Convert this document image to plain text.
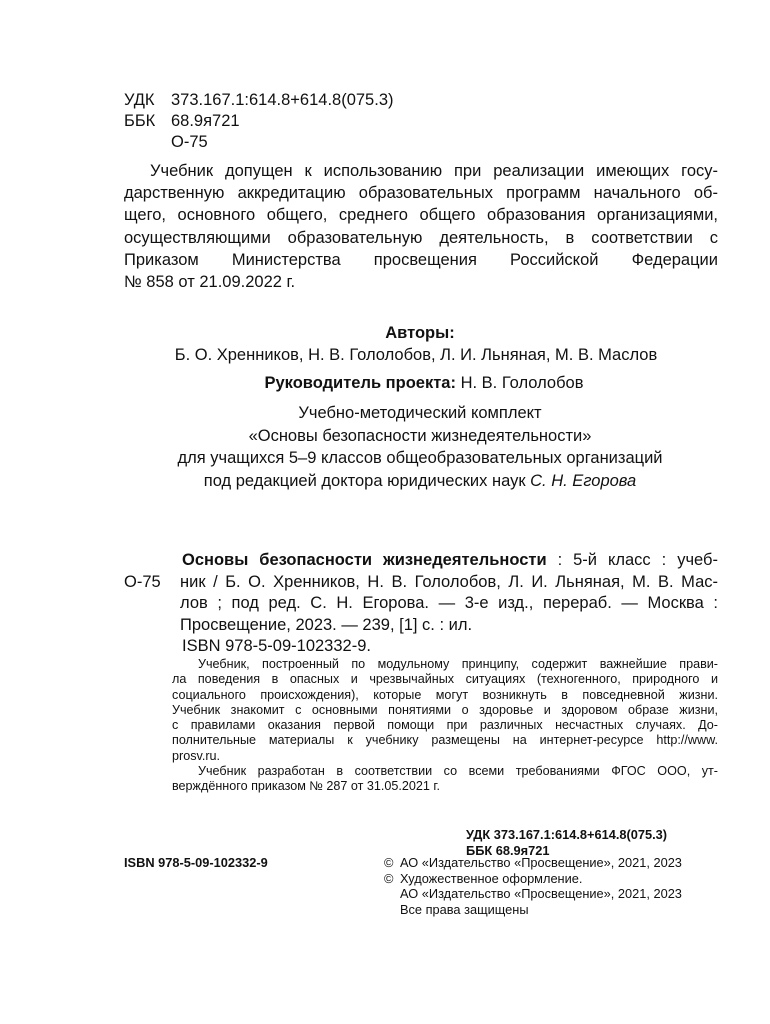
УДК 373.167.1:614.8+614.8(075.3)
ББК 68.9я721
О-75
Учебник допущен к использованию при реализации имеющих госу-
дарственную аккредитацию образовательных программ начального об-
щего, основного общего, среднего общего образования организациями,
осуществляющими образовательную деятельность, в соответствии с
Приказом Министерства просвещения Российской Федерации
№ 858 от 21.09.2022 г.
Авторы:
Б. О. Хренников, Н. В. Гололобов, Л. И. Льняная, М. В. Маслов
Руководитель проекта: Н. В. Гололобов
Учебно-методический комплект
«Основы безопасности жизнедеятельности»
для учащихся 5–9 классов общеобразовательных организаций
под редакцией доктора юридических наук С. Н. Егорова
О-75
Основы безопасности жизнедеятельности : 5-й класс : учеб-
ник / Б. О. Хренников, Н. В. Гололобов, Л. И. Льняная, М. В. Мас-
лов ; под ред. С. Н. Егорова. — 3-е изд., перераб. — Москва :
Просвещение, 2023. — 239, [1] с. : ил.
ISBN 978-5-09-102332-9.
Учебник, построенный по модульному принципу, содержит важнейшие прави-
ла поведения в опасных и чрезвычайных ситуациях (техногенного, природного и
социального происхождения), которые могут возникнуть в повседневной жизни.
Учебник знакомит с основными понятиями о здоровье и здоровом образе жизни,
с правилами оказания первой помощи при различных несчастных случаях. До-
полнительные материалы к учебнику размещены на интернет-ресурсе http://www.
prosv.ru.
Учебник разработан в соответствии со всеми требованиями ФГОС ООО, ут-
верждённого приказом № 287 от 31.05.2021 г.
УДК 373.167.1:614.8+614.8(075.3)
ББК 68.9я721
ISBN 978-5-09-102332-9	© АО «Издательство «Просвещение», 2021, 2023
© Художественное оформление.
АО «Издательство «Просвещение», 2021, 2023
Все права защищены
